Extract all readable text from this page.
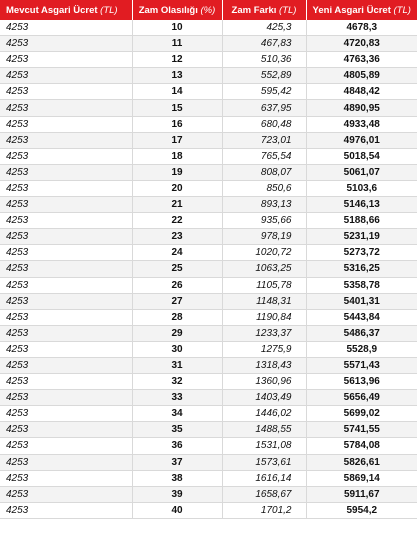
Mevcut Asgari Ücret (TL)	Zam Olasılığı (%)	Zam Farkı (TL)	Yeni Asgari Ücret (TL)
4253	10	425,3	4678,3
4253	11	467,83	4720,83
4253	12	510,36	4763,36
4253	13	552,89	4805,89
4253	14	595,42	4848,42
4253	15	637,95	4890,95
4253	16	680,48	4933,48
4253	17	723,01	4976,01
4253	18	765,54	5018,54
4253	19	808,07	5061,07
4253	20	850,6	5103,6
4253	21	893,13	5146,13
4253	22	935,66	5188,66
4253	23	978,19	5231,19
4253	24	1020,72	5273,72
4253	25	1063,25	5316,25
4253	26	1105,78	5358,78
4253	27	1148,31	5401,31
4253	28	1190,84	5443,84
4253	29	1233,37	5486,37
4253	30	1275,9	5528,9
4253	31	1318,43	5571,43
4253	32	1360,96	5613,96
4253	33	1403,49	5656,49
4253	34	1446,02	5699,02
4253	35	1488,55	5741,55
4253	36	1531,08	5784,08
4253	37	1573,61	5826,61
4253	38	1616,14	5869,14
4253	39	1658,67	5911,67
4253	40	1701,2	5954,2
